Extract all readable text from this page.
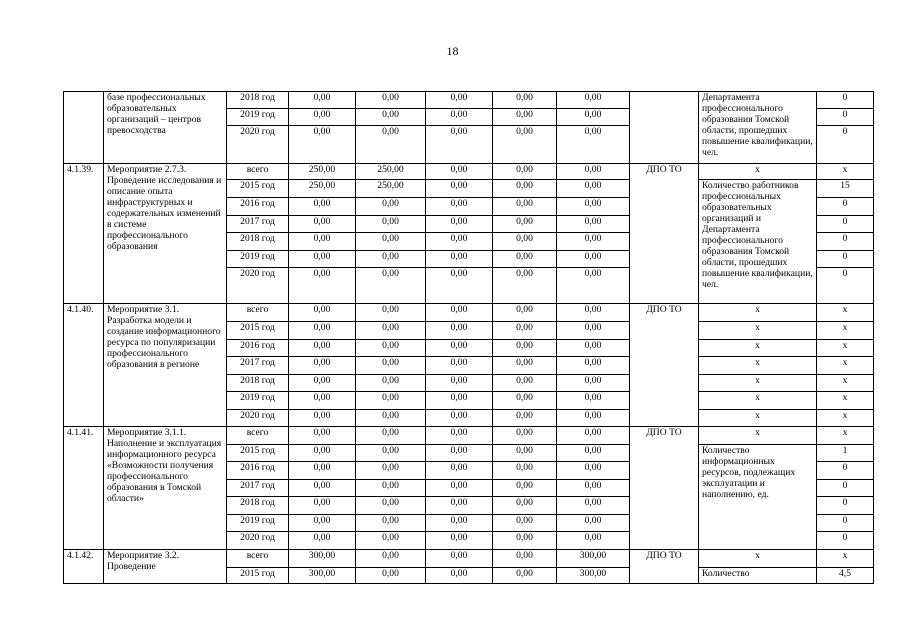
18
	базе профессиональных образовательных организаций – центров превосходства	2018 год	0,00	0,00	0,00	0,00	0,00		Департамента профессионального образования Томской области, прошедших повышение квалификации, чел.	0
		2019 год	0,00	0,00	0,00	0,00	0,00			0
		2020 год	0,00	0,00	0,00	0,00	0,00			0
4.1.39.	Мероприятие 2.7.3. Проведение исследования и описание опыта инфраструктурных и содержательных изменений в системе профессионального образования	всего	250,00	250,00	0,00	0,00	0,00	ДПО ТО	х	х
		2015 год	250,00	250,00	0,00	0,00	0,00		Количество работников профессиональных образовательных организаций и Департамента профессионального образования Томской области, прошедших повышение квалификации, чел.	15
		2016 год	0,00	0,00	0,00	0,00	0,00			0
		2017 год	0,00	0,00	0,00	0,00	0,00			0
		2018 год	0,00	0,00	0,00	0,00	0,00			0
		2019 год	0,00	0,00	0,00	0,00	0,00			0
		2020 год	0,00	0,00	0,00	0,00	0,00			0
4.1.40.	Мероприятие 3.1. Разработка модели и создание информационного ресурса по популяризации профессионального образования в регионе	всего	0,00	0,00	0,00	0,00	0,00	ДПО ТО	х	х
		2015 год	0,00	0,00	0,00	0,00	0,00		х	х
		2016 год	0,00	0,00	0,00	0,00	0,00		х	х
		2017 год	0,00	0,00	0,00	0,00	0,00		х	х
		2018 год	0,00	0,00	0,00	0,00	0,00		х	х
		2019 год	0,00	0,00	0,00	0,00	0,00		х	х
		2020 год	0,00	0,00	0,00	0,00	0,00		х	х
4.1.41.	Мероприятие 3.1.1. Наполнение и эксплуатация информационного ресурса «Возможности получения профессионального образования в Томской области»	всего	0,00	0,00	0,00	0,00	0,00	ДПО ТО	х	х
		2015 год	0,00	0,00	0,00	0,00	0,00		Количество информационных ресурсов, подлежащих эксплуатации и наполнению, ед.	1
		2016 год	0,00	0,00	0,00	0,00	0,00			0
		2017 год	0,00	0,00	0,00	0,00	0,00			0
		2018 год	0,00	0,00	0,00	0,00	0,00			0
		2019 год	0,00	0,00	0,00	0,00	0,00			0
		2020 год	0,00	0,00	0,00	0,00	0,00			0
4.1.42.	Мероприятие 3.2. Проведение	всего	300,00	0,00	0,00	0,00	300,00	ДПО ТО	х	х
		2015 год	300,00	0,00	0,00	0,00	300,00		Количество	4,5
